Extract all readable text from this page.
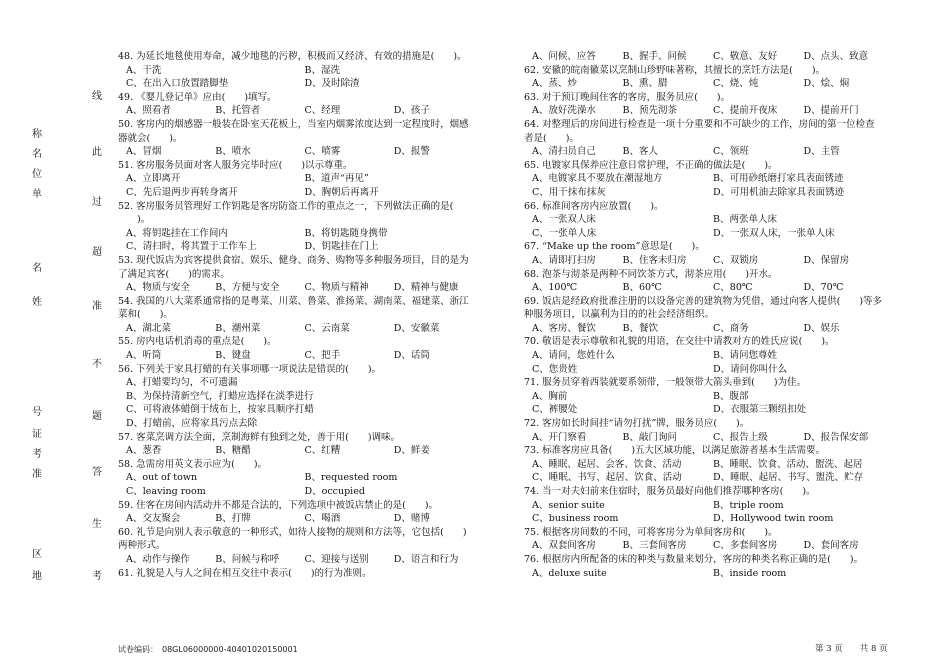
称
名
位
单
名
姓
号
证
考
准
区
地
线
此
过
超
准
不
题
答
生
考
48. 为延长地毯使用寿命，减少地毯的污秽，积极而又经济、有效的措施是(　　)。
A、干洗	B、湿洗
C、在出入口放置踏脚垫	D、及时除渣
49. 《婴儿登记单》应由(　　)填写。
A、照看者	B、托管者	C、经理	D、孩子
50. 客房内的烟感器一般装在卧室天花板上，当室内烟雾浓度达到一定程度时，烟感
器就会(　　)。
A、冒烟	B、喷水	C、喷雾	D、报警
51. 客房服务员面对客人服务完毕时应(　　)以示尊重。
A、立即离开	B、道声“再见”
C、先后退两步再转身离开	D、胸朝后再离开
52. 客房服务员管理好工作钥匙是客房防盗工作的重点之一，下列做法正确的是(
　　)。
A、将钥匙挂在工作间内	B、将钥匙随身携带
C、清扫时，将其置于工作车上	D、钥匙挂在门上
53. 现代饭店为宾客提供食宿、娱乐、健身、商务、购物等多种服务项目，目的是为
了满足宾客(　　)的需求。
A、物质与安全	B、方便与安全	C、物质与精神	D、精神与健康
54. 我国的八大菜系通常指的是粤菜、川菜、鲁菜、淮扬菜、湖南菜、福建菜、浙江
菜和(　　)。
A、湖北菜	B、潮州菜	C、云南菜	D、安徽菜
55. 房内电话机消毒的重点是(　　)。
A、听筒	B、键盘	C、把手	D、话筒
56. 下列关于家具打蜡的有关事项哪一项说法是错误的(　　)。
A、打蜡要均匀，不可遗漏
B、为保持清新空气，打蜡应选择在淡季进行
C、可将液体蜡倒于绒布上，按家具顺序打蜡
D、打蜡前，应将家具污点去除
57. 客菜烹调方法全面，烹制海鲜有独到之处，善于用(　　)调味。
A、葱香	B、糖醋	C、红糟	D、鲜姜
58. 急需房用英文表示应为(　　)。
A、out of town	B、requested room
C、leaving room	D、occupied
59. 住客在房间内活动并不都是合法的，下列选项中被饭店禁止的是(　　)。
A、交友聚会	B、打牌	C、喝酒	D、赌博
60. 礼节是向别人表示敬意的一种形式，如待人接物的规则和方法等，它包括(　　)
两种形式。
A、动作与操作	B、问候与称呼	C、迎接与送别	D、语言和行为
61. 礼貌是人与人之间在相互交往中表示(　　)的行为准则。
A、问候、应答	B、握手、问候	C、敬意、友好	D、点头、致意
62. 安徽的皖南徽菜以烹制山珍野味著称，其擅长的烹饪方法是(　　)。
A、蒸、炒	B、熏、腊	C、烧、炖	D、烩、焖
63. 对于预订晚间住客的客房，服务员应(　　)。
A、放好洗澡水	B、预先沏茶	C、提前开夜床	D、提前开门
64. 对整理后的房间进行检查是一项十分重要和不可缺少的工作，房间的第一位检查
者是(　　)。
A、清扫员自己	B、客人	C、领班	D、主管
65. 电镀家具保养应注意日常护理，不正确的做法是(　　)。
A、电镀家具不要放在潮湿地方	B、可用砂纸磨打家具表面锈迹
C、用干抹布抹灰	D、可用机油去除家具表面锈迹
66. 标准间客房内应放置(　　)。
A、一张双人床	B、两张单人床
C、一张单人床	D、一张双人床，一张单人床
67. “Make up the room”意思是(　　)。
A、请即打扫房	B、住客未归房	C、双锁房	D、保留房
68. 泡茶与沏茶是两种不同饮茶方式，沏茶应用(　　)开水。
A、100℃	B、60℃	C、80℃	D、70℃
69. 饭店是经政府批准注册的以设备完善的建筑物为凭借，通过向客人提供(　　)等多
种服务项目，以赢利为目的的社会经济组织。
A、客房、餐饮	B、餐饮	C、商务	D、娱乐
70. 敬语是表示尊敬和礼貌的用语，在交往中请教对方的姓氏应说(　　)。
A、请问，您姓什么	B、请问您尊姓
C、您贵姓	D、请问你叫什么
71. 服务员穿着西装就要系领带，一般领带大箭头垂到(　　)为佳。
A、胸前	B、腹部
C、裤腰处	D、衣服第三颗纽扣处
72. 客房如长时间挂“请勿打扰”牌，服务员应(　　)。
A、开门察看	B、敲门询问	C、报告上级	D、报告保安部
73. 标准客房应具备(　　)五大区域功能，以满足旅游者基本生活需要。
A、睡眠、起居、会客、饮食、活动	B、睡眠、饮食、活动、盥洗、起居
C、睡眠、书写、起居、饮食、活动	D、睡眠、起居、书写、盥洗、贮存
74. 当一对夫妇前来住宿时，服务员最好向他们推荐哪种客房(　　)。
A、senior suite	B、triple room
C、business room	D、Hollywood twin room
75. 根据客房间数的不同，可将客房分为单间客房和(　　)。
A、双套间客房	B、三套间客房	C、多套间客房	D、套间客房
76. 根据房内所配备的床的种类与数量来划分，客房的种类名称正确的是(　　)。
A、deluxe suite	B、inside room
试卷编码：　08GL06000000-40401020150001	第 3 页　　共 8 页
